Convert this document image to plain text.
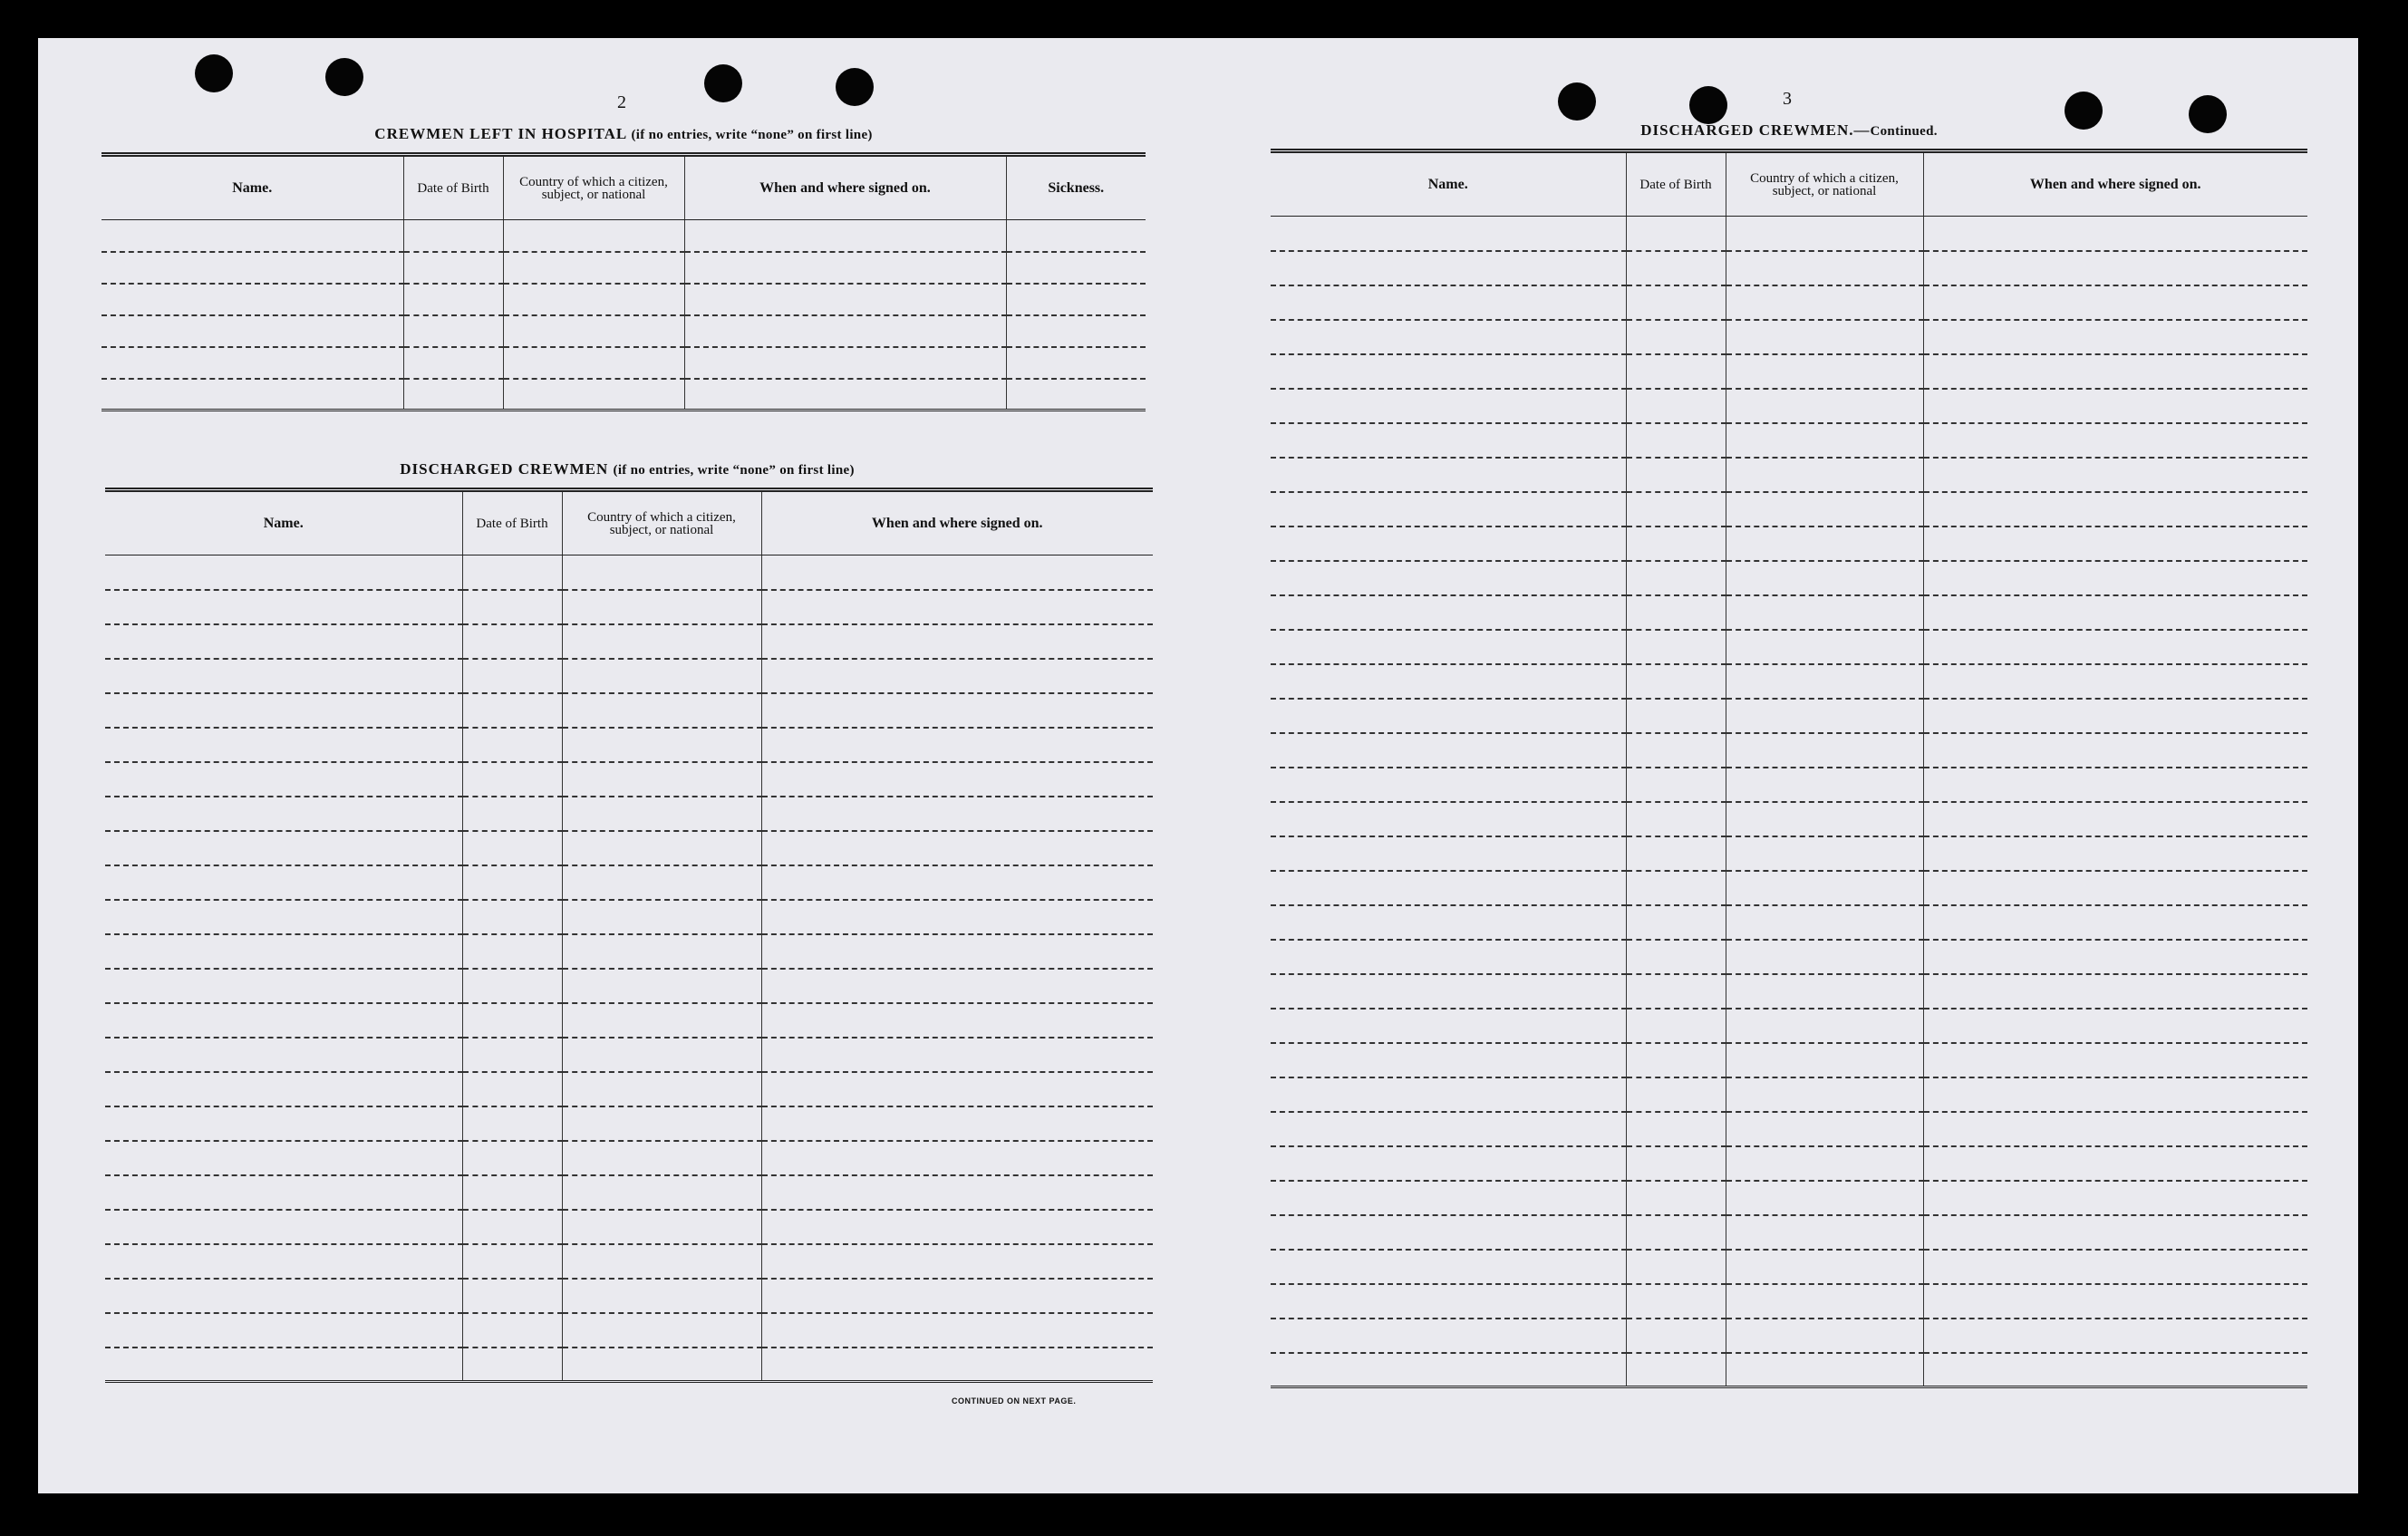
2
CREWMEN LEFT IN HOSPITAL (if no entries, write “none” on first line)
Name.	Date of Birth	Country of which a citizen, subject, or national	When and where signed on.	Sickness.

DISCHARGED CREWMEN (if no entries, write “none” on first line)
Name.	Date of Birth	Country of which a citizen, subject, or national	When and where signed on.

CONTINUED ON NEXT PAGE.
3
DISCHARGED CREWMEN.—Continued.
Name.	Date of Birth	Country of which a citizen, subject, or national	When and where signed on.
